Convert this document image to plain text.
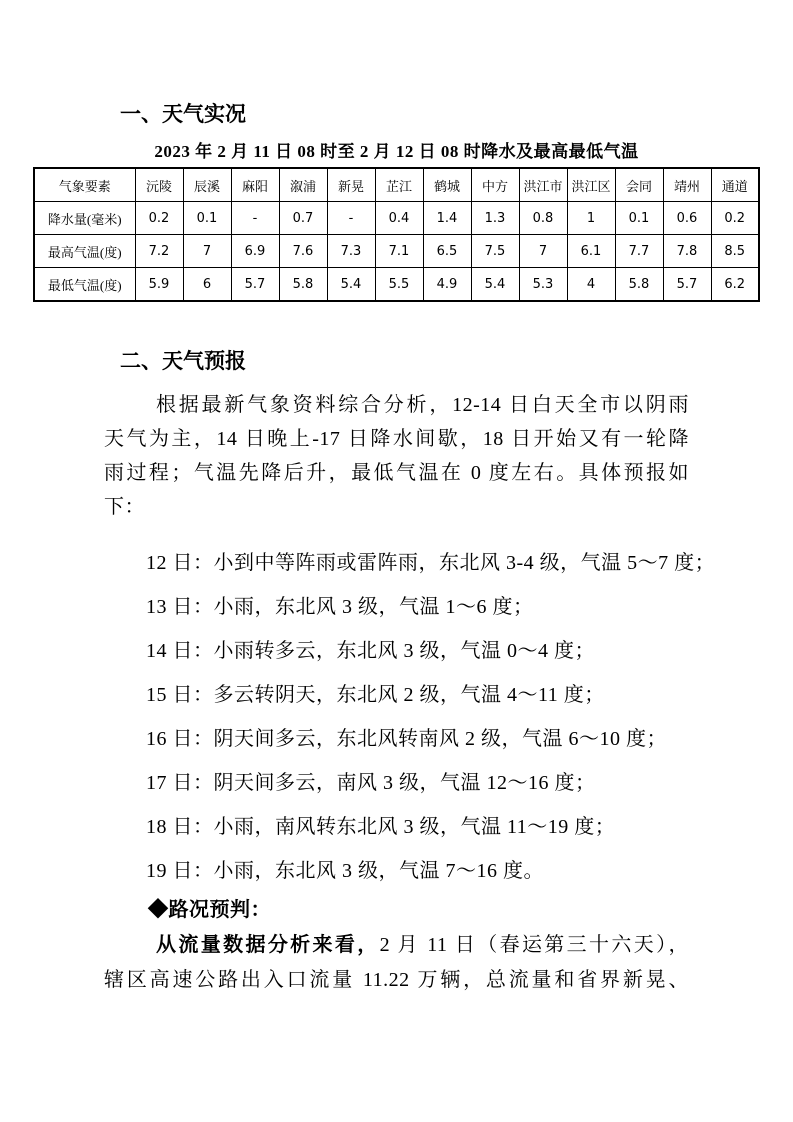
一、天气实况
2023 年 2 月 11 日 08 时至 2 月 12 日 08 时降水及最高最低气温
气象要素	沅陵	辰溪	麻阳	溆浦	新晃	芷江	鹤城	中方	洪江市	洪江区	会同	靖州	通道
降水量(毫米)	0.2	0.1	-	0.7	-	0.4	1.4	1.3	0.8	1	0.1	0.6	0.2
最高气温(度)	7.2	7	6.9	7.6	7.3	7.1	6.5	7.5	7	6.1	7.7	7.8	8.5
最低气温(度)	5.9	6	5.7	5.8	5.4	5.5	4.9	5.4	5.3	4	5.8	5.7	6.2
二、天气预报
根据最新气象资料综合分析，12-14 日白天全市以阴雨
天气为主，14 日晚上-17 日降水间歇，18 日开始又有一轮降
雨过程；气温先降后升，最低气温在 0 度左右。具体预报如
下：
12 日：小到中等阵雨或雷阵雨，东北风 3-4 级，气温 5～7 度；
13 日：小雨，东北风 3 级，气温 1～6 度；
14 日：小雨转多云，东北风 3 级，气温 0～4 度；
15 日：多云转阴天，东北风 2 级，气温 4～11 度；
16 日：阴天间多云，东北风转南风 2 级，气温 6～10 度；
17 日：阴天间多云，南风 3 级，气温 12～16 度；
18 日：小雨，南风转东北风 3 级，气温 11～19 度；
19 日：小雨，东北风 3 级，气温 7～16 度。
◆路况预判：
从流量数据分析来看，2 月 11 日（春运第三十六天），
辖区高速公路出入口流量 11.22 万辆，总流量和省界新晃、
